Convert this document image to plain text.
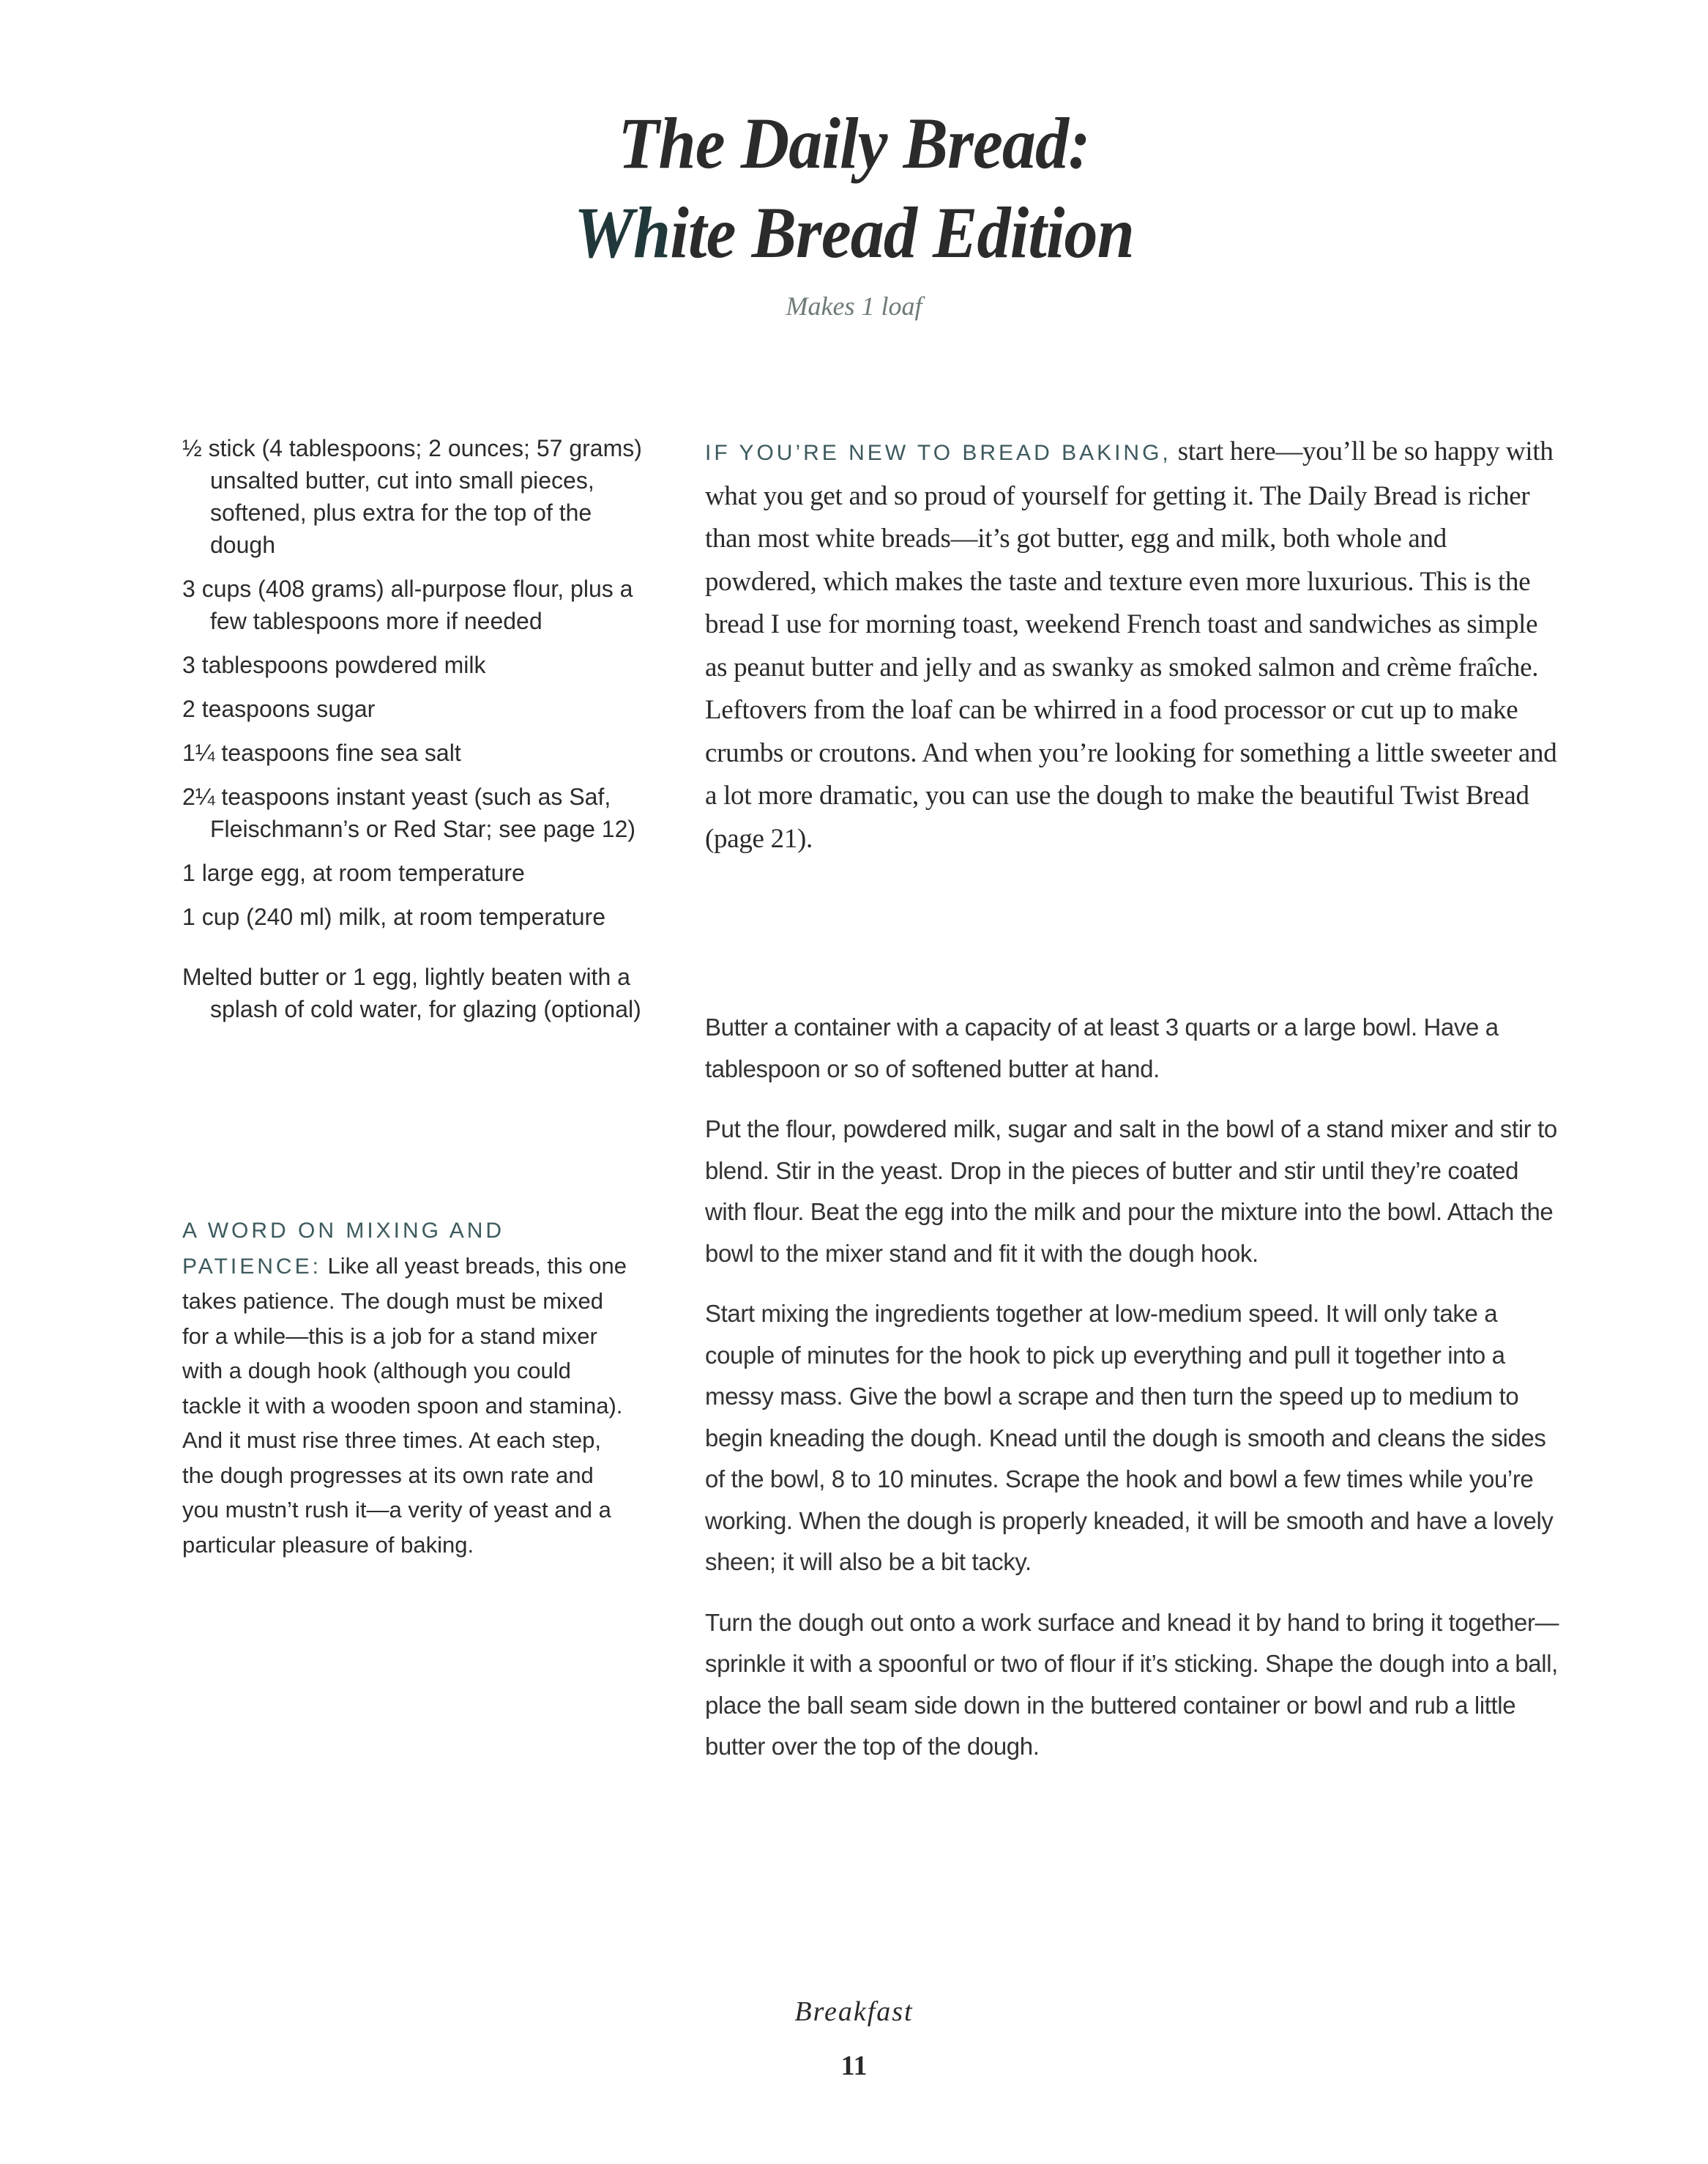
The Daily Bread:
White Bread Edition
Makes 1 loaf

½ stick (4 tablespoons; 2 ounces; 57 grams) unsalted butter, cut into small pieces, softened, plus extra for the top of the dough

3 cups (408 grams) all-purpose flour, plus a few tablespoons more if needed

3 tablespoons powdered milk

2 teaspoons sugar

1¼ teaspoons fine sea salt

2¼ teaspoons instant yeast (such as Saf, Fleischmann’s or Red Star; see page 12)

1 large egg, at room temperature

1 cup (240 ml) milk, at room temperature

Melted butter or 1 egg, lightly beaten with a splash of cold water, for glazing (optional)

A WORD ON MIXING AND PATIENCE: Like all yeast breads, this one takes patience. The dough must be mixed for a while—this is a job for a stand mixer with a dough hook (although you could tackle it with a wooden spoon and stamina). And it must rise three times. At each step, the dough progresses at its own rate and you mustn’t rush it—a verity of yeast and a particular pleasure of baking.
IF YOU’RE NEW TO BREAD BAKING, start here—you’ll be so happy with what you get and so proud of yourself for getting it. The Daily Bread is richer than most white breads—it’s got butter, egg and milk, both whole and powdered, which makes the taste and texture even more luxurious. This is the bread I use for morning toast, weekend French toast and sandwiches as simple as peanut butter and jelly and as swanky as smoked salmon and crème fraîche. Leftovers from the loaf can be whirred in a food processor or cut up to make crumbs or croutons. And when you’re looking for something a little sweeter and a lot more dramatic, you can use the dough to make the beautiful Twist Bread (page 21).

Butter a container with a capacity of at least 3 quarts or a large bowl. Have a tablespoon or so of softened butter at hand.

Put the flour, powdered milk, sugar and salt in the bowl of a stand mixer and stir to blend. Stir in the yeast. Drop in the pieces of butter and stir until they’re coated with flour. Beat the egg into the milk and pour the mixture into the bowl. Attach the bowl to the mixer stand and fit it with the dough hook.

Start mixing the ingredients together at low-medium speed. It will only take a couple of minutes for the hook to pick up everything and pull it together into a messy mass. Give the bowl a scrape and then turn the speed up to medium to begin kneading the dough. Knead until the dough is smooth and cleans the sides of the bowl, 8 to 10 minutes. Scrape the hook and bowl a few times while you’re working. When the dough is properly kneaded, it will be smooth and have a lovely sheen; it will also be a bit tacky.

Turn the dough out onto a work surface and knead it by hand to bring it together—sprinkle it with a spoonful or two of flour if it’s sticking. Shape the dough into a ball, place the ball seam side down in the buttered container or bowl and rub a little butter over the top of the dough.

Breakfast
11
